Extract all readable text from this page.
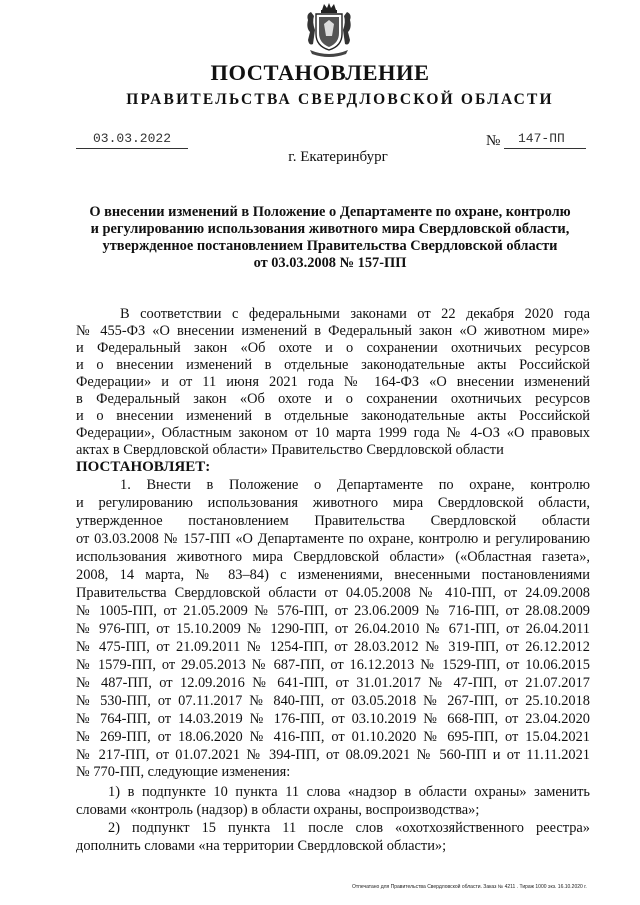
ПОСТАНОВЛЕНИЕ
ПРАВИТЕЛЬСТВА СВЕРДЛОВСКОЙ ОБЛАСТИ
03.03.2022	№ 147-ПП
г. Екатеринбург
О внесении изменений в Положение о Департаменте по охране, контролю
и регулированию использования животного мира Свердловской области,
утвержденное постановлением Правительства Свердловской области
от 03.03.2008 № 157-ПП
В соответствии с федеральными законами от 22 декабря 2020 года
№ 455-ФЗ «О внесении изменений в Федеральный закон «О животном мире»
и Федеральный закон «Об охоте и о сохранении охотничьих ресурсов
и о внесении изменений в отдельные законодательные акты Российской
Федерации» и от 11 июня 2021 года № 164-ФЗ «О внесении изменений
в Федеральный закон «Об охоте и о сохранении охотничьих ресурсов
и о внесении изменений в отдельные законодательные акты Российской
Федерации», Областным законом от 10 марта 1999 года № 4-ОЗ «О правовых
актах в Свердловской области» Правительство Свердловской области
ПОСТАНОВЛЯЕТ:
1. Внести в Положение о Департаменте по охране, контролю
и регулированию использования животного мира Свердловской области,
утвержденное постановлением Правительства Свердловской области
от 03.03.2008 № 157-ПП «О Департаменте по охране, контролю и регулированию
использования животного мира Свердловской области» («Областная газета»,
2008, 14 марта, № 83–84) с изменениями, внесенными постановлениями
Правительства Свердловской области от 04.05.2008 № 410-ПП, от 24.09.2008
№ 1005-ПП, от 21.05.2009 № 576-ПП, от 23.06.2009 № 716-ПП, от 28.08.2009
№ 976-ПП, от 15.10.2009 № 1290-ПП, от 26.04.2010 № 671-ПП, от 26.04.2011
№ 475-ПП, от 21.09.2011 № 1254-ПП, от 28.03.2012 № 319-ПП, от 26.12.2012
№ 1579-ПП, от 29.05.2013 № 687-ПП, от 16.12.2013 № 1529-ПП, от 10.06.2015
№ 487-ПП, от 12.09.2016 № 641-ПП, от 31.01.2017 № 47-ПП, от 21.07.2017
№ 530-ПП, от 07.11.2017 № 840-ПП, от 03.05.2018 № 267-ПП, от 25.10.2018
№ 764-ПП, от 14.03.2019 № 176-ПП, от 03.10.2019 № 668-ПП, от 23.04.2020
№ 269-ПП, от 18.06.2020 № 416-ПП, от 01.10.2020 № 695-ПП, от 15.04.2021
№ 217-ПП, от 01.07.2021 № 394-ПП, от 08.09.2021 № 560-ПП и от 11.11.2021
№ 770-ПП, следующие изменения:
1) в подпункте 10 пункта 11 слова «надзор в области охраны» заменить
словами «контроль (надзор) в области охраны, воспроизводства»;
2) подпункт 15 пункта 11 после слов «охотхозяйственного реестра»
дополнить словами «на территории Свердловской области»;
Отпечатано для Правительства Свердловской области. Заказ № 4211 . Тираж 1000 экз. 16.10.2020 г.
